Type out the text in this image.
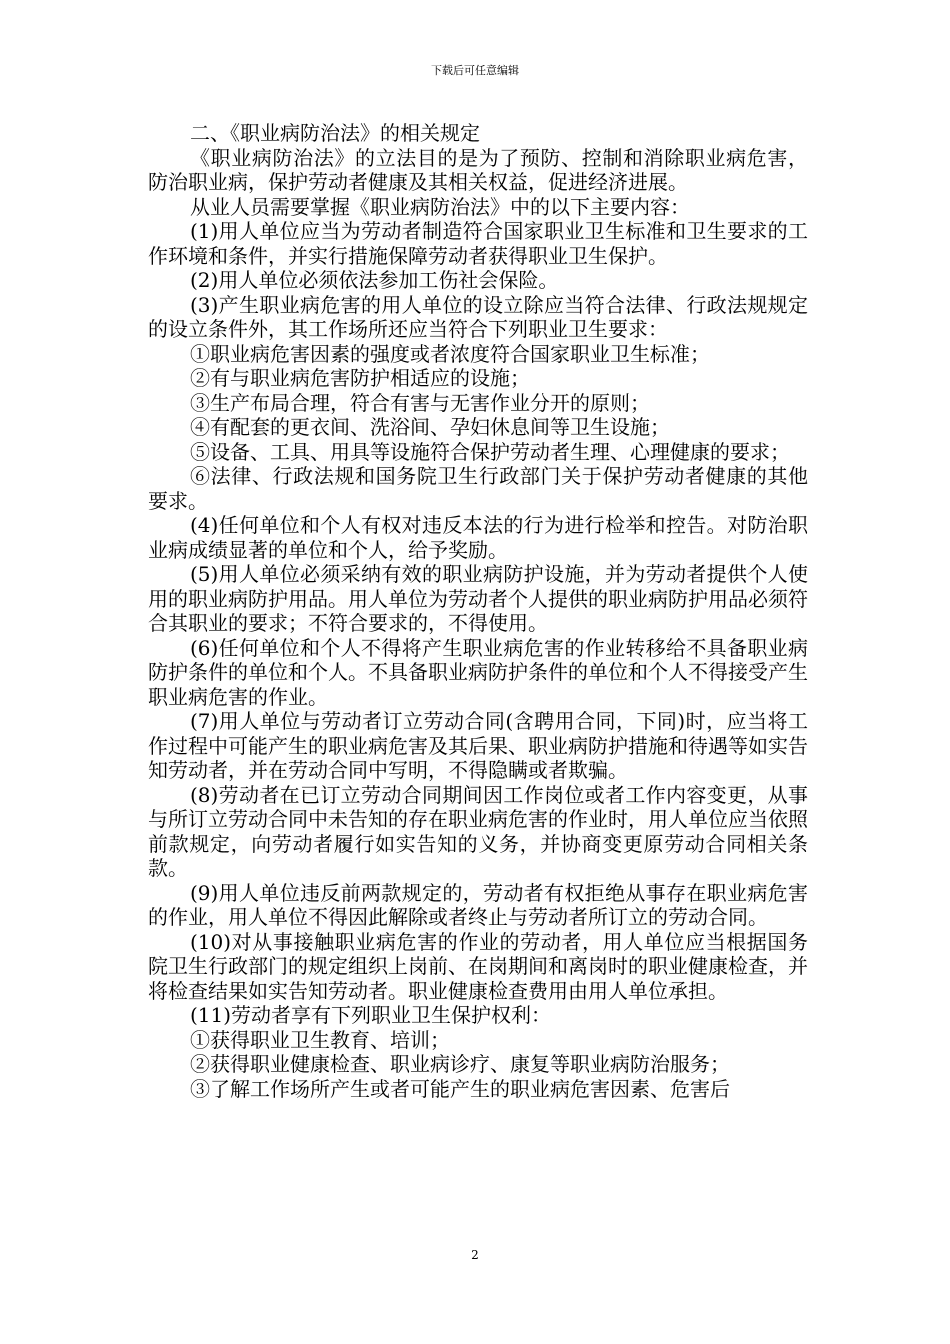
下载后可任意编辑

二、《职业病防治法》的相关规定

《职业病防治法》的立法目的是为了预防、控制和消除职业病危害，防治职业病，保护劳动者健康及其相关权益，促进经济进展。

从业人员需要掌握《职业病防治法》中的以下主要内容：

(1)用人单位应当为劳动者制造符合国家职业卫生标准和卫生要求的工作环境和条件，并实行措施保障劳动者获得职业卫生保护。

(2)用人单位必须依法参加工伤社会保险。

(3)产生职业病危害的用人单位的设立除应当符合法律、行政法规规定的设立条件外，其工作场所还应当符合下列职业卫生要求：

①职业病危害因素的强度或者浓度符合国家职业卫生标准；

②有与职业病危害防护相适应的设施；

③生产布局合理，符合有害与无害作业分开的原则；

④有配套的更衣间、洗浴间、孕妇休息间等卫生设施；

⑤设备、工具、用具等设施符合保护劳动者生理、心理健康的要求；

⑥法律、行政法规和国务院卫生行政部门关于保护劳动者健康的其他要求。

(4)任何单位和个人有权对违反本法的行为进行检举和控告。对防治职业病成绩显著的单位和个人，给予奖励。

(5)用人单位必须采纳有效的职业病防护设施，并为劳动者提供个人使用的职业病防护用品。用人单位为劳动者个人提供的职业病防护用品必须符合其职业的要求；不符合要求的，不得使用。

(6)任何单位和个人不得将产生职业病危害的作业转移给不具备职业病防护条件的单位和个人。不具备职业病防护条件的单位和个人不得接受产生职业病危害的作业。

(7)用人单位与劳动者订立劳动合同(含聘用合同，下同)时，应当将工作过程中可能产生的职业病危害及其后果、职业病防护措施和待遇等如实告知劳动者，并在劳动合同中写明，不得隐瞒或者欺骗。

(8)劳动者在已订立劳动合同期间因工作岗位或者工作内容变更，从事与所订立劳动合同中未告知的存在职业病危害的作业时，用人单位应当依照前款规定，向劳动者履行如实告知的义务，并协商变更原劳动合同相关条款。

(9)用人单位违反前两款规定的，劳动者有权拒绝从事存在职业病危害的作业，用人单位不得因此解除或者终止与劳动者所订立的劳动合同。

(10)对从事接触职业病危害的作业的劳动者，用人单位应当根据国务院卫生行政部门的规定组织上岗前、在岗期间和离岗时的职业健康检查，并将检查结果如实告知劳动者。职业健康检查费用由用人单位承担。

(11)劳动者享有下列职业卫生保护权利：

①获得职业卫生教育、培训；

②获得职业健康检查、职业病诊疗、康复等职业病防治服务；

③了解工作场所产生或者可能产生的职业病危害因素、危害后

2
